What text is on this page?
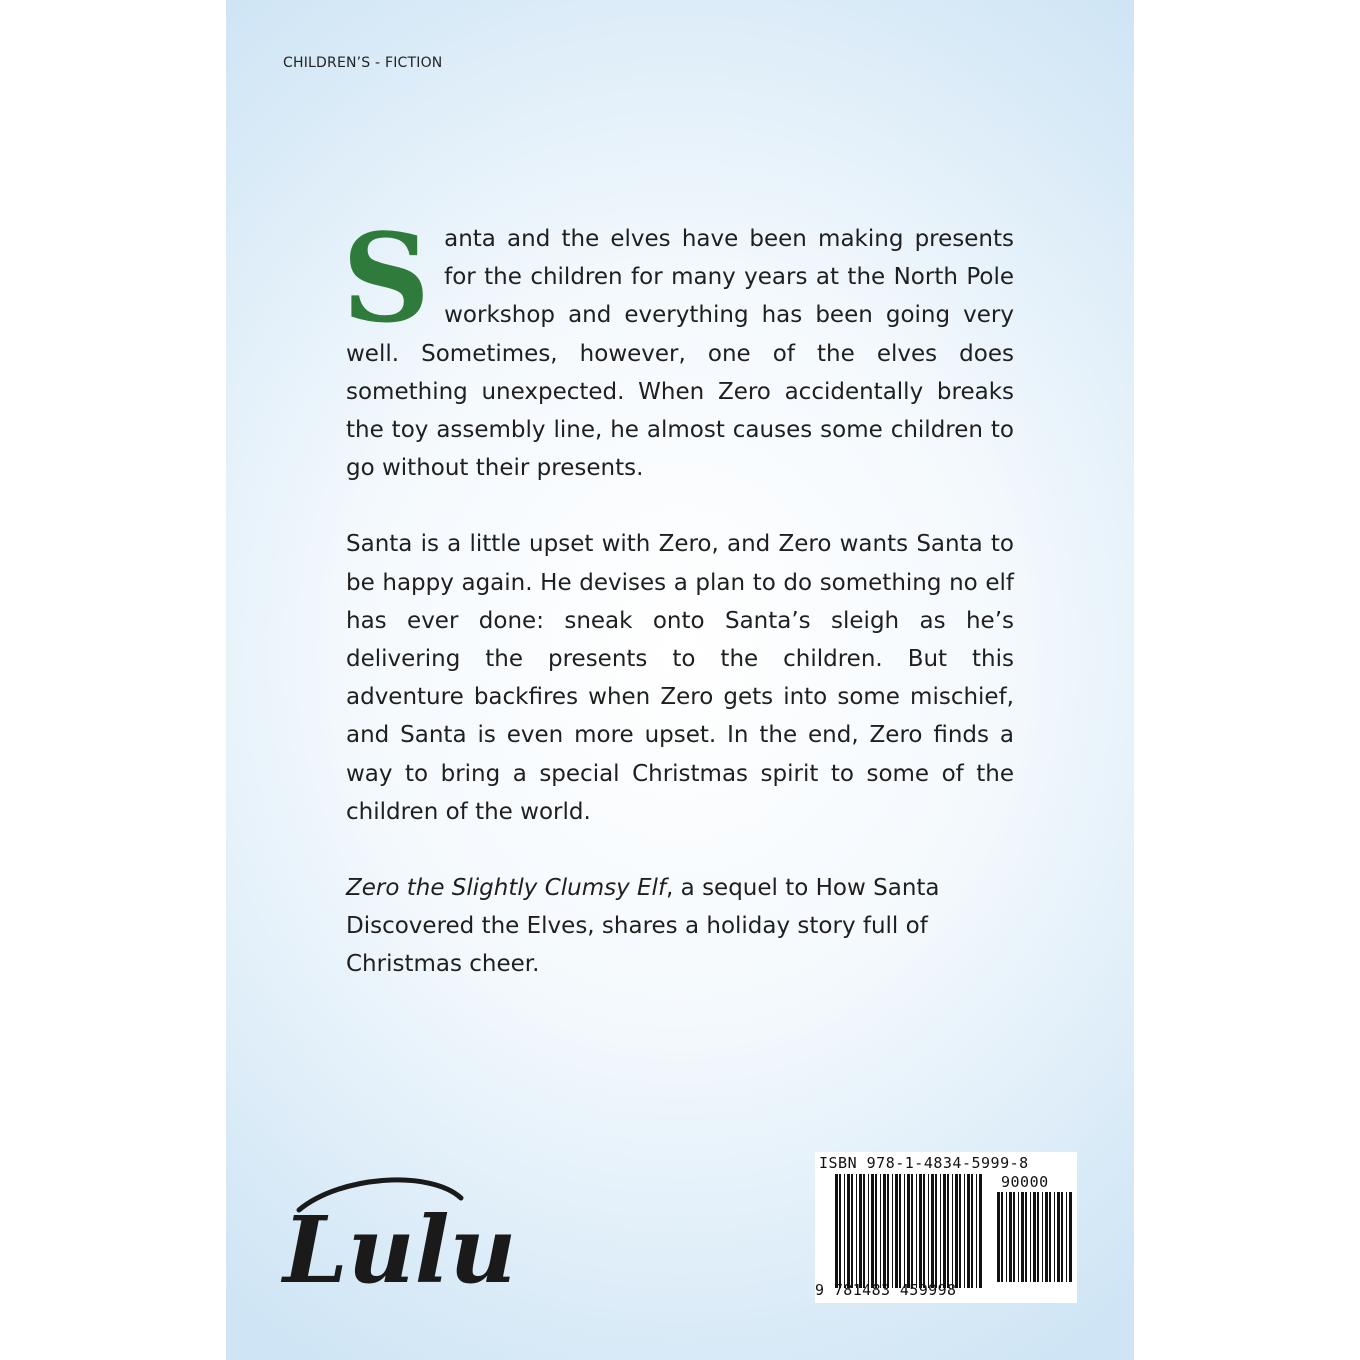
CHILDREN’S - FICTION

Santa and the elves have been making presents for the children for many years at the North Pole workshop and everything has been going very well. Sometimes, however, one of the elves does something unexpected. When Zero accidentally breaks the toy assembly line, he almost causes some children to go without their presents.

Santa is a little upset with Zero, and Zero wants Santa to be happy again. He devises a plan to do something no elf has ever done: sneak onto Santa’s sleigh as he’s delivering the presents to the children. But this adventure backfires when Zero gets into some mischief, and Santa is even more upset. In the end, Zero finds a way to bring a special Christmas spirit to some of the children of the world.

Zero the Slightly Clumsy Elf, a sequel to How Santa Discovered the Elves, shares a holiday story full of Christmas cheer.

Lulu
ISBN 978-1-4834-5999-8
90000
9 781483 459998
